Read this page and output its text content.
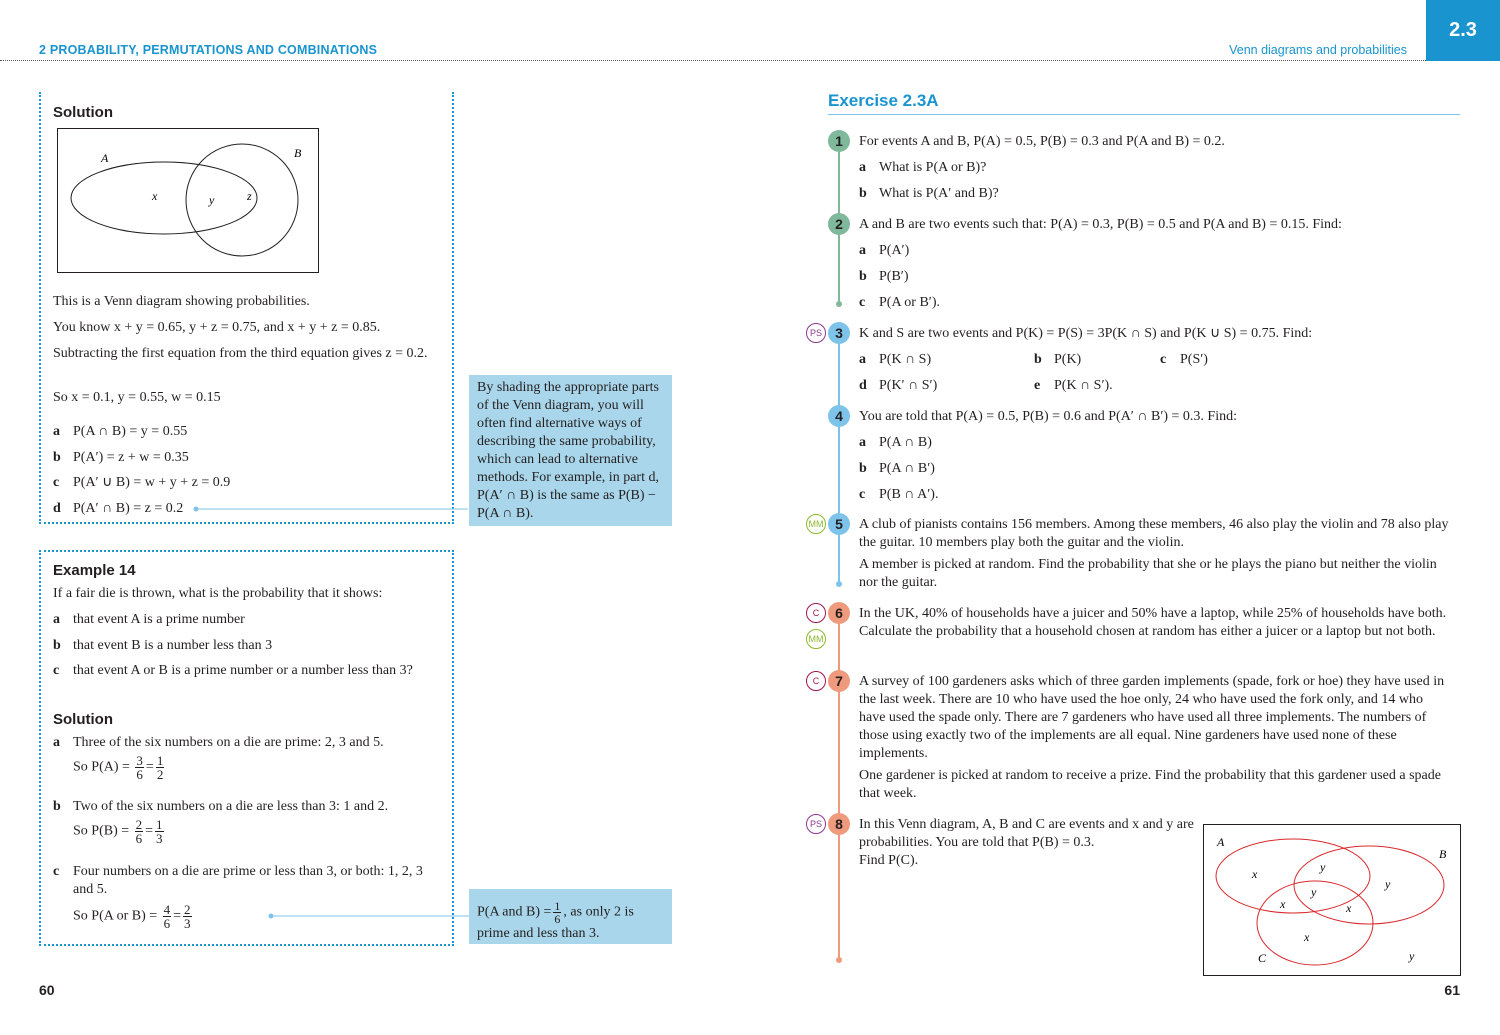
2 PROBABILITY, PERMUTATIONS AND COMBINATIONS	Venn diagrams and probabilities
2.3
Solution
A	B
x	y	z
This is a Venn diagram showing probabilities.
You know x + y = 0.65, y + z = 0.75, and x + y + z = 0.85.
Subtracting the first equation from the third equation gives z = 0.2.
So x = 0.1, y = 0.55, w = 0.15
a P(A ∩ B) = y = 0.55
b P(A′) = z + w = 0.35
c P(A′ ∪ B) = w + y + z = 0.9
d P(A′ ∩ B) = z = 0.2
By shading the appropriate parts of the Venn diagram, you will often find alternative ways of describing the same probability, which can lead to alternative methods. For example, in part d, P(A′ ∩ B) is the same as P(B) − P(A ∩ B).
Example 14
If a fair die is thrown, what is the probability that it shows:
a that event A is a prime number
b that event B is a number less than 3
c that event A or B is a prime number or a number less than 3?
Solution
a Three of the six numbers on a die are prime: 2, 3 and 5.
So $P(A) = \frac{3}{6} = \frac{1}{2}$
b Two of the six numbers on a die are less than 3: 1 and 2.
So $P(B) = \frac{2}{6} = \frac{1}{3}$
c Four numbers on a die are prime or less than 3, or both: 1, 2, 3 and 5.
So P(A or $B) = \frac{4}{6} = \frac{2}{3}$	P(A and $B) = \frac{1}{6}$ , as only 2 is prime and less than 3.
60
Exercise 2.3A
1	For events A and B, P(A) = 0.5, P(B) = 0.3 and P(A and B) = 0.2.
a What is P(A or B)?
b What is P(A′ and B)?
2	A and B are two events such that: P(A) = 0.3, P(B) = 0.5 and P(A and B) = 0.15. Find:
a P(A′)
b P(B′)
c P(A or B′).
PS 3	K and S are two events and P(K) = P(S) = 3P(K ∩ S) and P(K ∪ S) = 0.75. Find:
a P(K ∩ S)	b P(K)	c P(S′)
d P(K′ ∩ S′)	e P(K ∩ S′).
4	You are told that P(A) = 0.5, P(B) = 0.6 and P(A′ ∩ B′) = 0.3. Find:
a P(A ∩ B)
b P(A ∩ B′)
c P(B ∩ A′).
MM 5	A club of pianists contains 156 members. Among these members, 46 also play the violin and 78 also play the guitar. 10 members play both the guitar and the violin.
A member is picked at random. Find the probability that she or he plays the piano but neither the violin nor the guitar.
C
MM
6	In the UK, 40% of households have a juicer and 50% have a laptop, while 25% of households have both. Calculate the probability that a household chosen at random has either a juicer or a laptop but not both.
C	7	A survey of 100 gardeners asks which of three garden implements (spade, fork or hoe) they have used in the last week. There are 10 who have used the hoe only, 24 who have used the fork only, and 14 who have used the spade only. There are 7 gardeners who have used all three implements. The numbers of those using exactly two of the implements are all equal. Nine gardeners have used none of these implements.
One gardener is picked at random to receive a prize. Find the probability that this gardener used a spade that week.
PS 8	In this Venn diagram, A, B and C are events and x and y are probabilities. You are told that P(B) = 0.3.
Find P(C).
A
B
C
x	y
y
y
x	x
x
y
61
